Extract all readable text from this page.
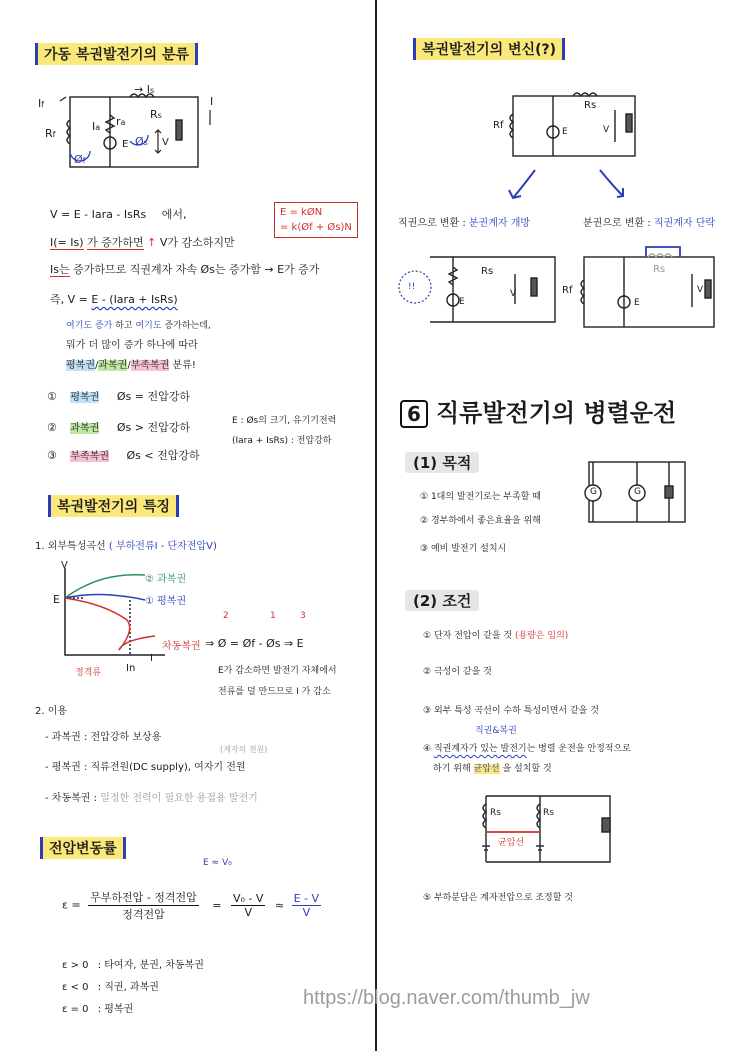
가동 복권발전기의 분류
If
→ Is
I
Rf
Ia ra
Rs
E Øs
Øf
V
V = E - Iara - IsRs 에서,	E = kØN
= k(Øf + Øs)N
I(= Is) 가 증가하면 ↑ V가 감소하지만
Is는 증가하므로 직권계자 자속 Øs는 증가함 → E가 증가
즉, V = E - (Iara + IsRs)
여기도 증가 하고 여기도 증가하는데,
뭐가 더 많이 증가 하나에 따라
평복권/과복권/부족복권 분류!
① 평복권 Øs = 전압강하
② 과복권 Øs > 전압강하
③ 부족복권 Øs < 전압강하
E : Øs의 크기, 유기기전력
(Iara + IsRs) : 전압강하
복권발전기의 특징
1. 외부특성곡선 ( 부하전류I - 단자전압V)
V
E
I
In
정격류
② 과복권
① 평복권
차동복권
2	1	3
⇒ Ø = Øf - Øs ⇒ E
E가 감소하면 발전기 자체에서
전류를 덜 만드므로 I 가 감소
2. 이용
- 과복권 : 전압강하 보상용
(계자의 전원)
- 평복권 : 직류전원(DC supply), 여자기 전원
- 차동복권 : 일정한 전력이 필요한 용접용 발전기
전압변동률
E ≈ V₀
$\varepsilon = \frac{\text{무부하전압 - 정격전압}}{\text{정격전압}} = \frac{\text{V₀ - V}}{V} \approx \frac{E - V}{V}$
ε > 0 : 타여자, 분권, 차동복권
ε < 0 : 직권, 과복권
ε = 0 : 평복권
복권발전기의 변신(?)
Rf
Rs
E	V
직권으로 변환 : 분권계자 개방	분권으로 변환 : 직권계자 단락
!!
Rs
E
V	Rf
Rs
E
V
6 직류발전기의 병렬운전
(1) 목적
① 1대의 발전기로는 부족할 때
② 경부하에서 좋은효율을 위해
③ 예비 발전기 설치시
G	G
(2) 조건
① 단자 전압이 같을 것 (용량은 임의)
② 극성이 같을 것
③ 외부 특성 곡선이 수하 특성이면서 같을 것
직권&복권
④ 직권계자가 있는 발전기는 병렬 운전을 안정적으로
하기 위해 균압선 을 설치할 것
Rs	Rs
균압선
⑤ 부하분담은 계자전압으로 조정할 것
https://blog.naver.com/thumb_jw
